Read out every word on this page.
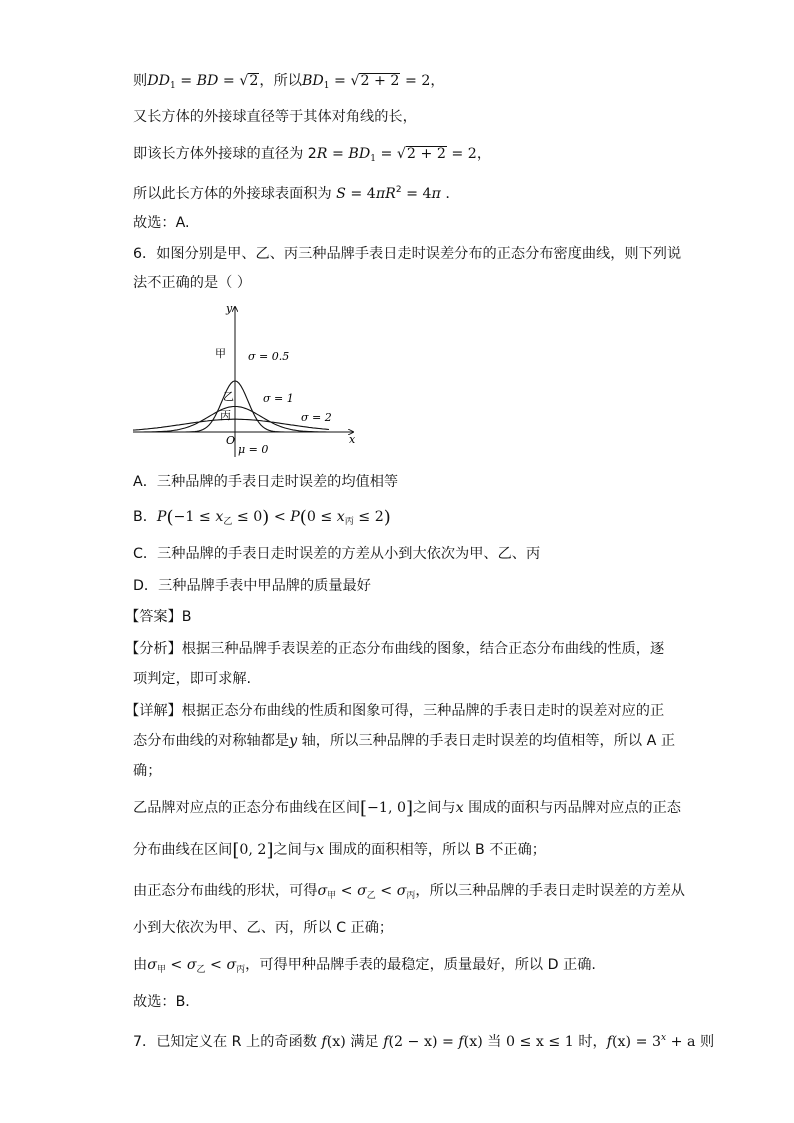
则$DD_1$ = BD = √2，所以$BD_1 = √2 + 2 = 2$，
又长方体的外接球直径等于其体对角线的长，
即该长方体外接球的直径为 $2R = BD_1 = √2 + 2 = 2$，
所以此长方体的外接球表面积为 $S = 4\pi R^2 = 4\pi$ .
故选：A.
6．如图分别是甲、乙、丙三种品牌手表日走时误差分布的正态分布密度曲线，则下列说
法不正确的是（ ）
y
x
O
甲
乙
丙
σ = 0.5
σ = 1
σ = 2
μ = 0
A．三种品牌的手表日走时误差的均值相等
B．$P(-1 \le x_乙 \le 0) < P(0 \le x_丙 \le 2)$
C．三种品牌的手表日走时误差的方差从小到大依次为甲、乙、丙
D．三种品牌手表中甲品牌的质量最好
【答案】B
【分析】根据三种品牌手表误差的正态分布曲线的图象，结合正态分布曲线的性质，逐
项判定，即可求解.
【详解】根据正态分布曲线的性质和图象可得，三种品牌的手表日走时的误差对应的正
态分布曲线的对称轴都是y 轴，所以三种品牌的手表日走时误差的均值相等，所以 A 正
确；
乙品牌对应点的正态分布曲线在区间[−1, 0]之间与x 围成的面积与丙品牌对应点的正态
分布曲线在区间[0, 2]之间与x 围成的面积相等，所以 B 不正确；
由正态分布曲线的形状，可得$\sigma_甲 < \sigma_乙 < \sigma_丙$，所以三种品牌的手表日走时误差的方差从
小到大依次为甲、乙、丙，所以 C 正确；
由$\sigma_甲 < \sigma_乙 < \sigma_丙$，可得甲种品牌手表的最稳定，质量最好，所以 D 正确.
故选：B.
7．已知定义在 R 上的奇函数 f(x) 满足 f(2 − x) = f(x) 当 0 ≤ x ≤ 1 时，$f(x) = 3^x + a$ 则
